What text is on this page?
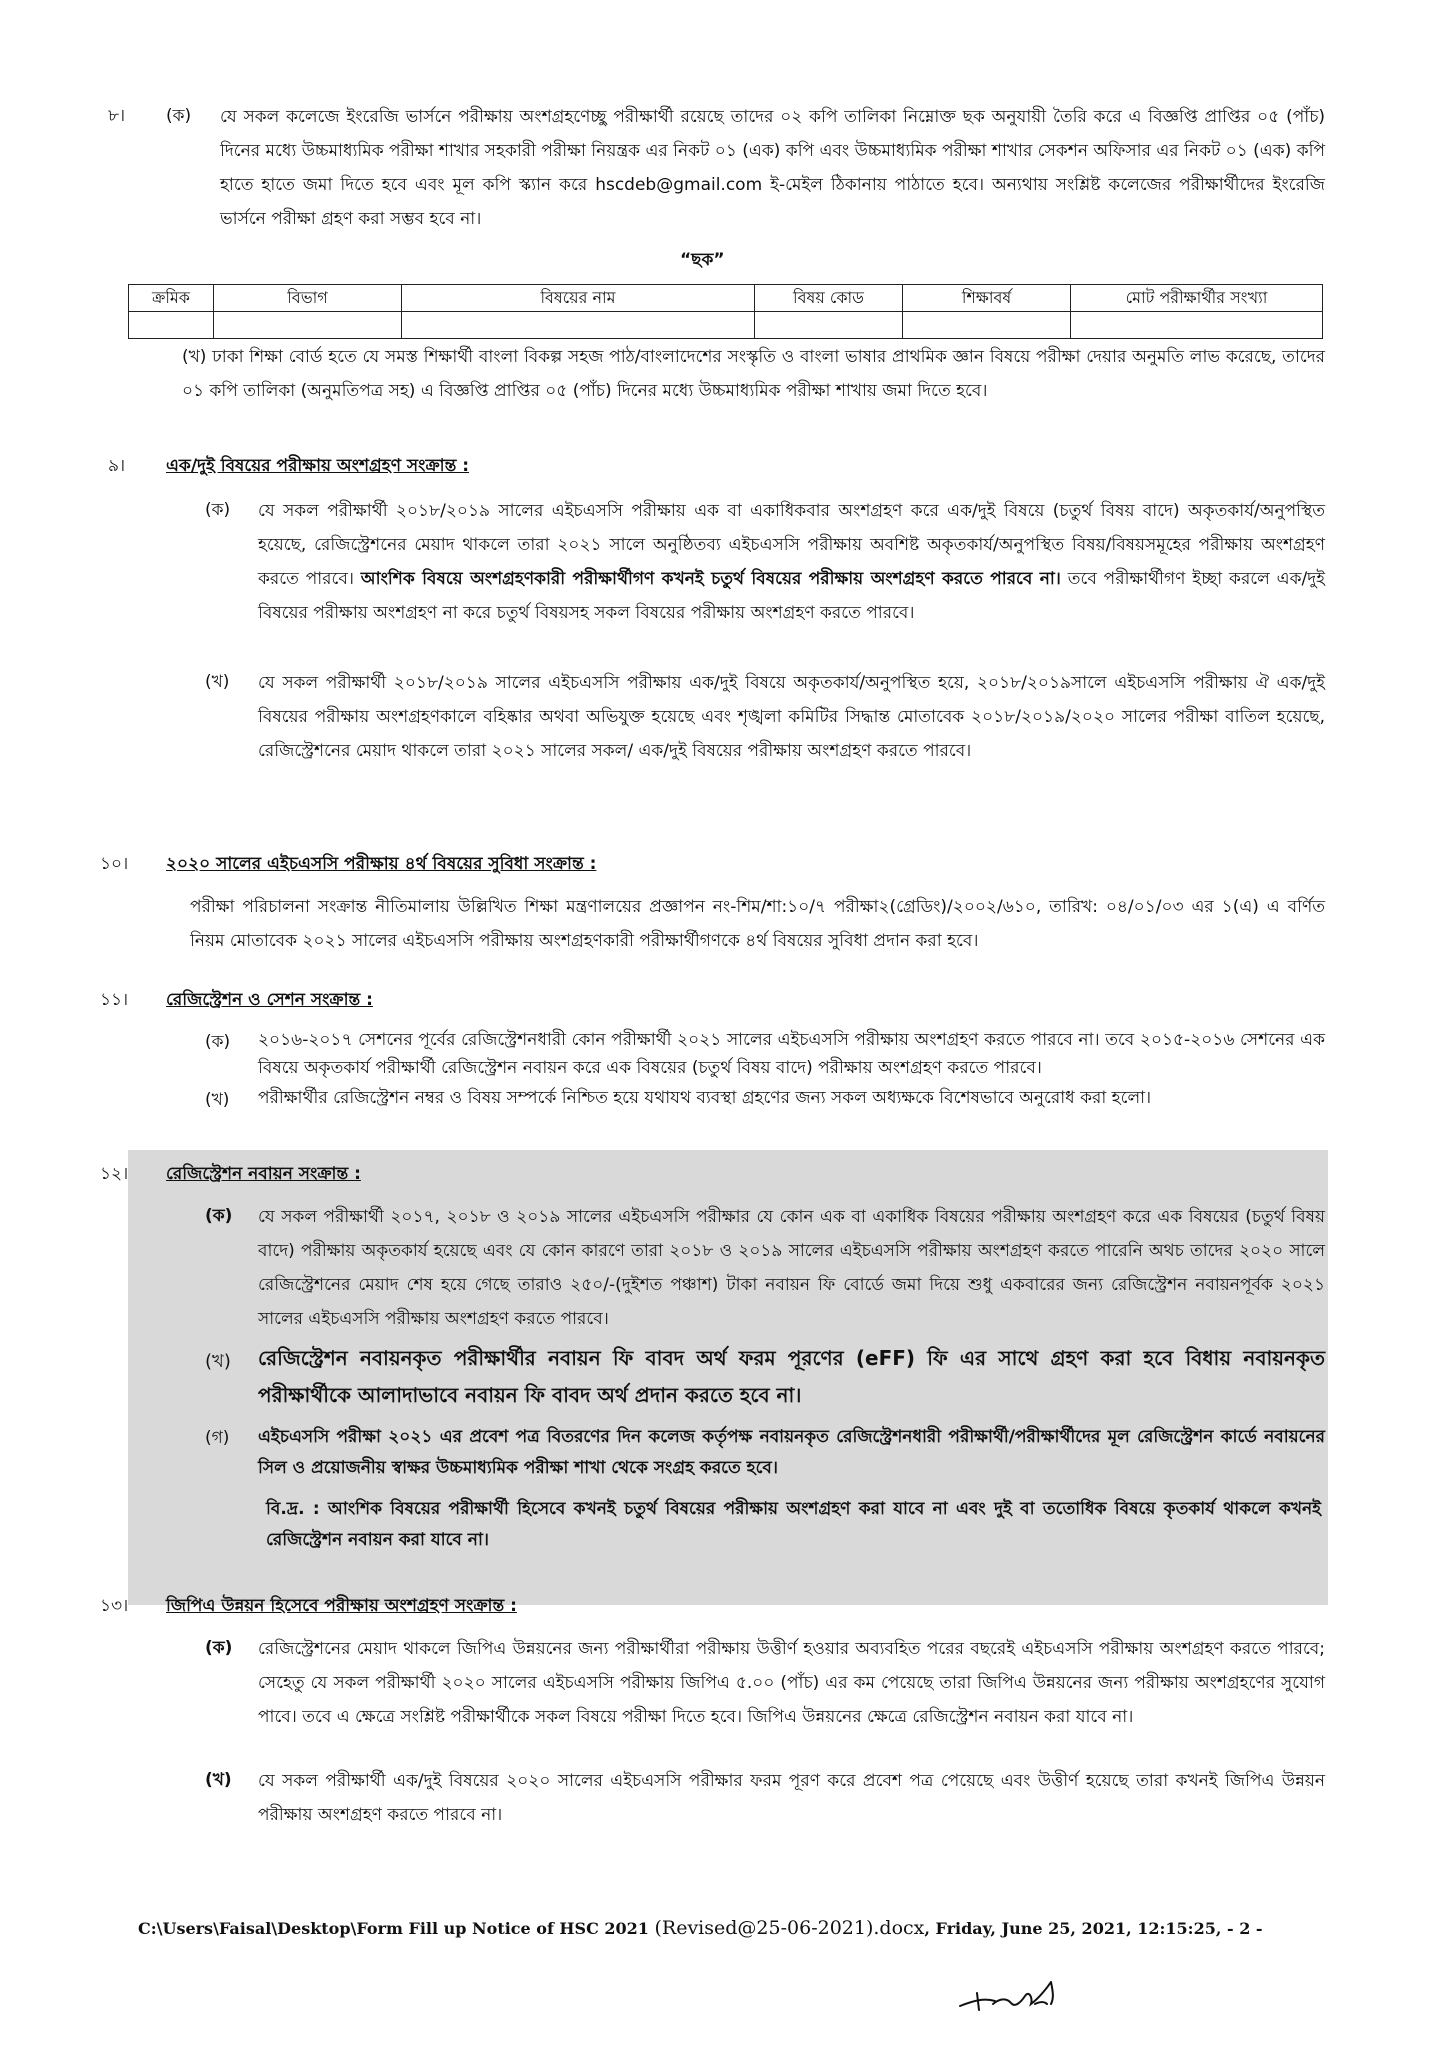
৮। (ক) যে সকল কলেজে ইংরেজি ভার্সনে পরীক্ষায় অংশগ্রহণেচ্ছু পরীক্ষার্থী রয়েছে তাদের ০২ কপি তালিকা নিম্নোক্ত ছক অনুযায়ী তৈরি করে এ বিজ্ঞপ্তি প্রাপ্তির ০৫ (পাঁচ) দিনের মধ্যে উচ্চমাধ্যমিক পরীক্ষা শাখার সহকারী পরীক্ষা নিয়ন্ত্রক এর নিকট ০১ (এক) কপি এবং উচ্চমাধ্যমিক পরীক্ষা শাখার সেকশন অফিসার এর নিকট ০১ (এক) কপি হাতে হাতে জমা দিতে হবে এবং মূল কপি স্ক্যান করে hscdeb@gmail.com ই-মেইল ঠিকানায় পাঠাতে হবে। অন্যথায় সংশ্লিষ্ট কলেজের পরীক্ষার্থীদের ইংরেজি ভার্সনে পরীক্ষা গ্রহণ করা সম্ভব হবে না।
“ছক”
ক্রমিক	বিভাগ	বিষয়ের নাম	বিষয় কোড	শিক্ষাবর্ষ	মোট পরীক্ষার্থীর সংখ্যা

(খ) ঢাকা শিক্ষা বোর্ড হতে যে সমস্ত শিক্ষার্থী বাংলা বিকল্প সহজ পাঠ/বাংলাদেশের সংস্কৃতি ও বাংলা ভাষার প্রাথমিক জ্ঞান বিষয়ে পরীক্ষা দেয়ার অনুমতি লাভ করেছে, তাদের ০১ কপি তালিকা (অনুমতিপত্র সহ) এ বিজ্ঞপ্তি প্রাপ্তির ০৫ (পাঁচ) দিনের মধ্যে উচ্চমাধ্যমিক পরীক্ষা শাখায় জমা দিতে হবে।
৯। এক/দুই বিষয়ের পরীক্ষায় অংশগ্রহণ সংক্রান্ত :
(ক) যে সকল পরীক্ষার্থী ২০১৮/২০১৯ সালের এইচএসসি পরীক্ষায় এক বা একাধিকবার অংশগ্রহণ করে এক/দুই বিষয়ে (চতুর্থ বিষয় বাদে) অকৃতকার্য/অনুপস্থিত হয়েছে, রেজিস্ট্রেশনের মেয়াদ থাকলে তারা ২০২১ সালে অনুষ্ঠিতব্য এইচএসসি পরীক্ষায় অবশিষ্ট অকৃতকার্য/অনুপস্থিত বিষয়/বিষয়সমূহের পরীক্ষায় অংশগ্রহণ করতে পারবে। আংশিক বিষয়ে অংশগ্রহণকারী পরীক্ষার্থীগণ কখনই চতুর্থ বিষয়ের পরীক্ষায় অংশগ্রহণ করতে পারবে না। তবে পরীক্ষার্থীগণ ইচ্ছা করলে এক/দুই বিষয়ের পরীক্ষায় অংশগ্রহণ না করে চতুর্থ বিষয়সহ সকল বিষয়ের পরীক্ষায় অংশগ্রহণ করতে পারবে।
(খ) যে সকল পরীক্ষার্থী ২০১৮/২০১৯ সালের এইচএসসি পরীক্ষায় এক/দুই বিষয়ে অকৃতকার্য/অনুপস্থিত হয়ে, ২০১৮/২০১৯সালে এইচএসসি পরীক্ষায় ঐ এক/দুই বিষয়ের পরীক্ষায় অংশগ্রহণকালে বহিষ্কার অথবা অভিযুক্ত হয়েছে এবং শৃঙ্খলা কমিটির সিদ্ধান্ত মোতাবেক ২০১৮/২০১৯/২০২০ সালের পরীক্ষা বাতিল হয়েছে, রেজিস্ট্রেশনের মেয়াদ থাকলে তারা ২০২১ সালের সকল/ এক/দুই বিষয়ের পরীক্ষায় অংশগ্রহণ করতে পারবে।
১০। ২০২০ সালের এইচএসসি পরীক্ষায় ৪র্থ বিষয়ের সুবিধা সংক্রান্ত :
পরীক্ষা পরিচালনা সংক্রান্ত নীতিমালায় উল্লিখিত শিক্ষা মন্ত্রণালয়ের প্রজ্ঞাপন নং-শিম/শা:১০/৭ পরীক্ষা২(গ্রেডিং)/২০০২/৬১০, তারিখ: ০৪/০১/০৩ এর ১(এ) এ বর্ণিত নিয়ম মোতাবেক ২০২১ সালের এইচএসসি পরীক্ষায় অংশগ্রহণকারী পরীক্ষার্থীগণকে ৪র্থ বিষয়ের সুবিধা প্রদান করা হবে।
১১। রেজিস্ট্রেশন ও সেশন সংক্রান্ত :
(ক) ২০১৬-২০১৭ সেশনের পূর্বের রেজিস্ট্রেশনধারী কোন পরীক্ষার্থী ২০২১ সালের এইচএসসি পরীক্ষায় অংশগ্রহণ করতে পারবে না। তবে ২০১৫-২০১৬ সেশনের এক বিষয়ে অকৃতকার্য পরীক্ষার্থী রেজিস্ট্রেশন নবায়ন করে এক বিষয়ের (চতুর্থ বিষয় বাদে) পরীক্ষায় অংশগ্রহণ করতে পারবে।
(খ) পরীক্ষার্থীর রেজিস্ট্রেশন নম্বর ও বিষয় সম্পর্কে নিশ্চিত হয়ে যথাযথ ব্যবস্থা গ্রহণের জন্য সকল অধ্যক্ষকে বিশেষভাবে অনুরোধ করা হলো।
১২। রেজিস্ট্রেশন নবায়ন সংক্রান্ত :
(ক) যে সকল পরীক্ষার্থী ২০১৭, ২০১৮ ও ২০১৯ সালের এইচএসসি পরীক্ষার যে কোন এক বা একাধিক বিষয়ের পরীক্ষায় অংশগ্রহণ করে এক বিষয়ের (চতুর্থ বিষয় বাদে) পরীক্ষায় অকৃতকার্য হয়েছে এবং যে কোন কারণে তারা ২০১৮ ও ২০১৯ সালের এইচএসসি পরীক্ষায় অংশগ্রহণ করতে পারেনি অথচ তাদের ২০২০ সালে রেজিস্ট্রেশনের মেয়াদ শেষ হয়ে গেছে তারাও ২৫০/-(দুইশত পঞ্চাশ) টাকা নবায়ন ফি বোর্ডে জমা দিয়ে শুধু একবারের জন্য রেজিস্ট্রেশন নবায়নপূর্বক ২০২১ সালের এইচএসসি পরীক্ষায় অংশগ্রহণ করতে পারবে।
(খ) রেজিস্ট্রেশন নবায়নকৃত পরীক্ষার্থীর নবায়ন ফি বাবদ অর্থ ফরম পূরণের (eFF) ফি এর সাথে গ্রহণ করা হবে বিধায় নবায়নকৃত পরীক্ষার্থীকে আলাদাভাবে নবায়ন ফি বাবদ অর্থ প্রদান করতে হবে না।
(গ) এইচএসসি পরীক্ষা ২০২১ এর প্রবেশ পত্র বিতরণের দিন কলেজ কর্তৃপক্ষ নবায়নকৃত রেজিস্ট্রেশনধারী পরীক্ষার্থী/পরীক্ষার্থীদের মূল রেজিস্ট্রেশন কার্ডে নবায়নের সিল ও প্রয়োজনীয় স্বাক্ষর উচ্চমাধ্যমিক পরীক্ষা শাখা থেকে সংগ্রহ করতে হবে।
বি.দ্র. : আংশিক বিষয়ের পরীক্ষার্থী হিসেবে কখনই চতুর্থ বিষয়ের পরীক্ষায় অংশগ্রহণ করা যাবে না এবং দুই বা ততোধিক বিষয়ে কৃতকার্য থাকলে কখনই রেজিস্ট্রেশন নবায়ন করা যাবে না।
১৩। জিপিএ উন্নয়ন হিসেবে পরীক্ষায় অংশগ্রহণ সংক্রান্ত :
(ক) রেজিস্ট্রেশনের মেয়াদ থাকলে জিপিএ উন্নয়নের জন্য পরীক্ষার্থীরা পরীক্ষায় উত্তীর্ণ হওয়ার অব্যবহিত পরের বছরেই এইচএসসি পরীক্ষায় অংশগ্রহণ করতে পারবে; সেহেতু যে সকল পরীক্ষার্থী ২০২০ সালের এইচএসসি পরীক্ষায় জিপিএ ৫.০০ (পাঁচ) এর কম পেয়েছে তারা জিপিএ উন্নয়নের জন্য পরীক্ষায় অংশগ্রহণের সুযোগ পাবে। তবে এ ক্ষেত্রে সংশ্লিষ্ট পরীক্ষার্থীকে সকল বিষয়ে পরীক্ষা দিতে হবে। জিপিএ উন্নয়নের ক্ষেত্রে রেজিস্ট্রেশন নবায়ন করা যাবে না।
(খ) যে সকল পরীক্ষার্থী এক/দুই বিষয়ের ২০২০ সালের এইচএসসি পরীক্ষার ফরম পূরণ করে প্রবেশ পত্র পেয়েছে এবং উত্তীর্ণ হয়েছে তারা কখনই জিপিএ উন্নয়ন পরীক্ষায় অংশগ্রহণ করতে পারবে না।
C:\Users\Faisal\Desktop\Form Fill up Notice of HSC 2021 (Revised@25-06-2021).docx, Friday, June 25, 2021, 12:15:25, - 2 -
